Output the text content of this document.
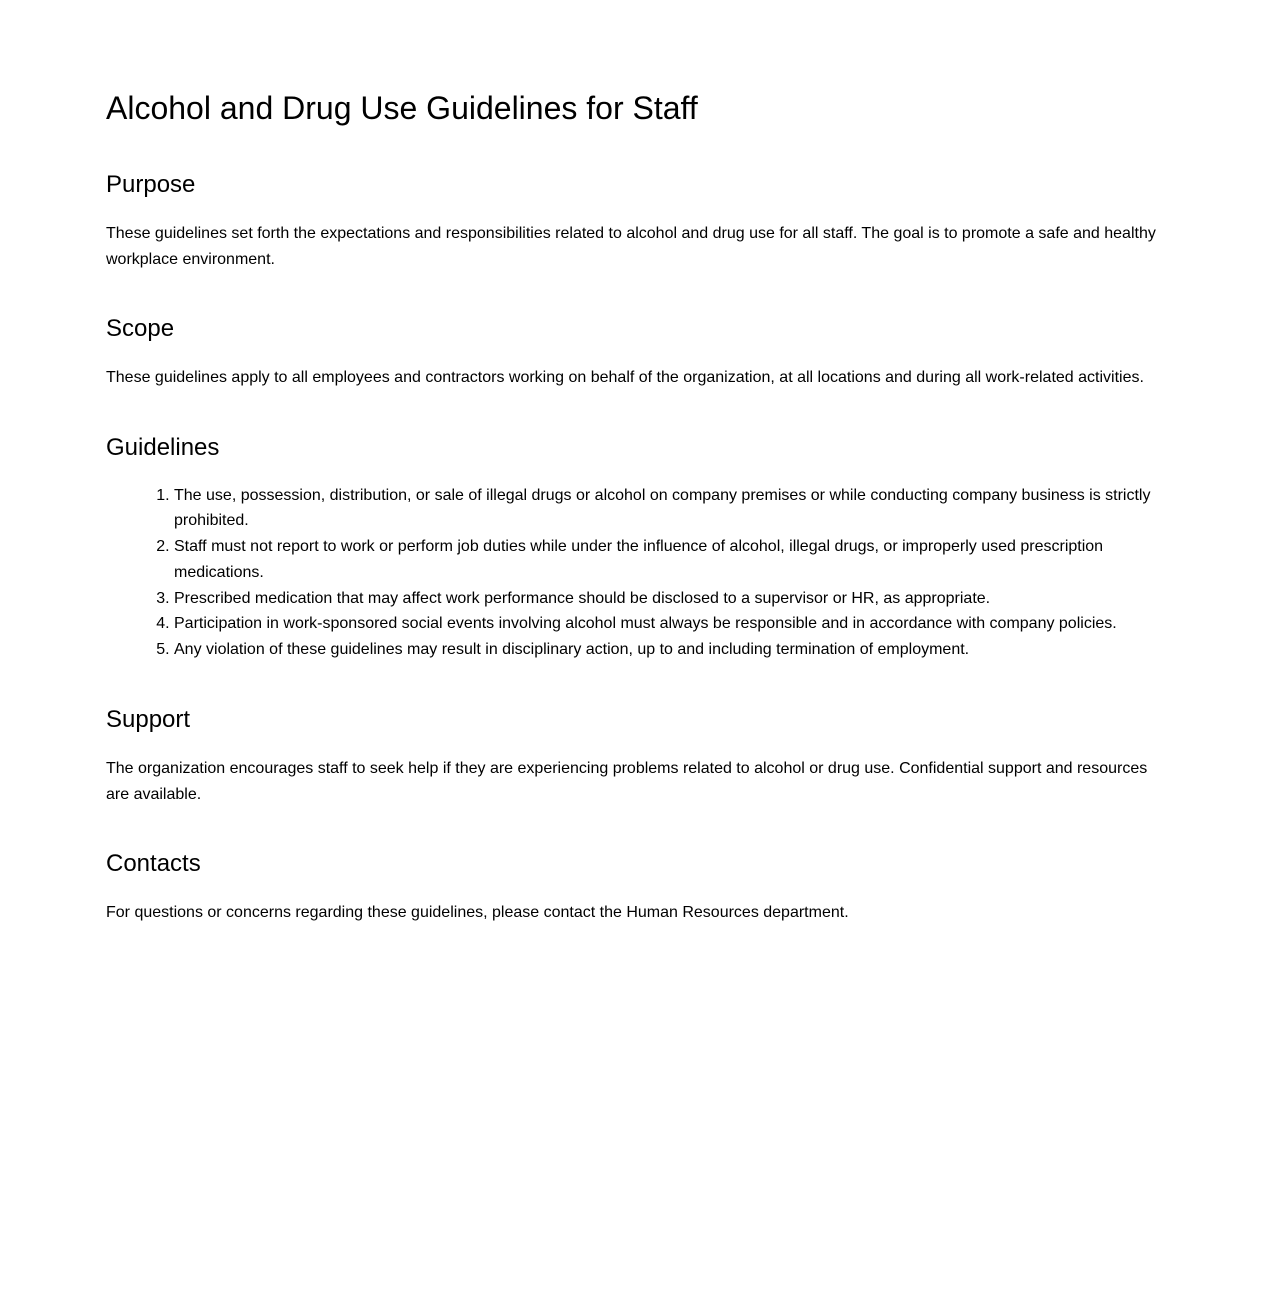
Alcohol and Drug Use Guidelines for Staff
Purpose

These guidelines set forth the expectations and responsibilities related to alcohol and drug use for all staff. The goal is to promote a safe and healthy workplace environment.

Scope

These guidelines apply to all employees and contractors working on behalf of the organization, at all locations and during all work-related activities.

Guidelines
1. The use, possession, distribution, or sale of illegal drugs or alcohol on company premises or while conducting company business is strictly prohibited.
2. Staff must not report to work or perform job duties while under the influence of alcohol, illegal drugs, or improperly used prescription medications.
3. Prescribed medication that may affect work performance should be disclosed to a supervisor or HR, as appropriate.
4. Participation in work-sponsored social events involving alcohol must always be responsible and in accordance with company policies.
5. Any violation of these guidelines may result in disciplinary action, up to and including termination of employment.
Support

The organization encourages staff to seek help if they are experiencing problems related to alcohol or drug use. Confidential support and resources are available.

Contacts

For questions or concerns regarding these guidelines, please contact the Human Resources department.
